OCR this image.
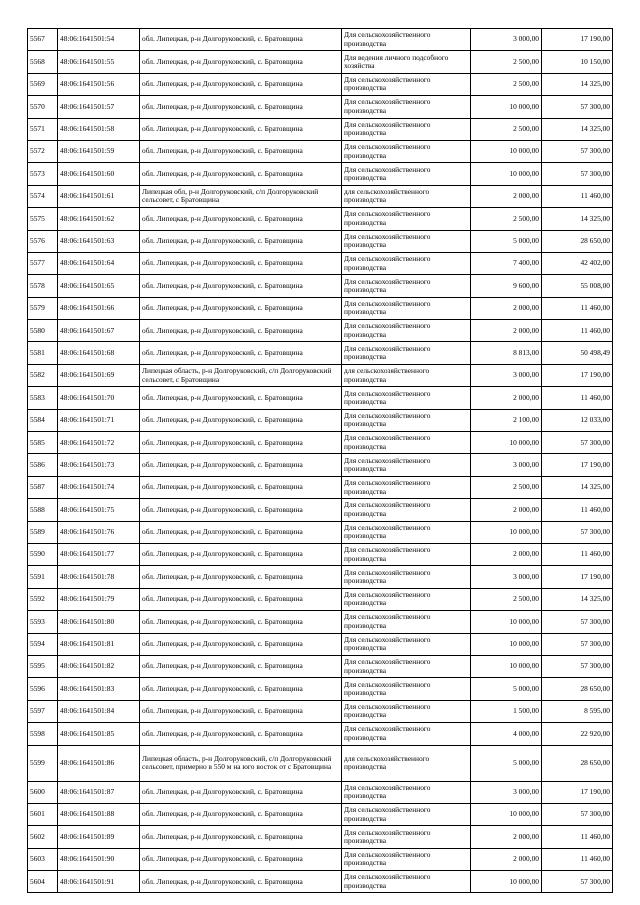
5567	48:06:1641501:54	обл. Липецкая, р-н Долгоруковский, с. Братовщина	Для сельскохозяйственного производства	3 000,00	17 190,00
5568	48:06:1641501:55	обл. Липецкая, р-н Долгоруковский, с. Братовщина	Для ведения личного подсобного хозяйства	2 500,00	10 150,00
5569	48:06:1641501:56	обл. Липецкая, р-н Долгоруковский, с. Братовщина	Для сельскохозяйственного производства	2 500,00	14 325,00
5570	48:06:1641501:57	обл. Липецкая, р-н Долгоруковский, с. Братовщина	Для сельскохозяйственного производства	10 000,00	57 300,00
5571	48:06:1641501:58	обл. Липецкая, р-н Долгоруковский, с. Братовщина	Для сельскохозяйственного производства	2 500,00	14 325,00
5572	48:06:1641501:59	обл. Липецкая, р-н Долгоруковский, с. Братовщина	Для сельскохозяйственного производства	10 000,00	57 300,00
5573	48:06:1641501:60	обл. Липецкая, р-н Долгоруковский, с. Братовщина	Для сельскохозяйственного производства	10 000,00	57 300,00
5574	48:06:1641501:61	Липецкая обл, р-н Долгоруковский, с/п Долгоруковский сельсовет, с Братовщина	для сельскохозяйственного производства	2 000,00	11 460,00
5575	48:06:1641501:62	обл. Липецкая, р-н Долгоруковский, с. Братовщина	Для сельскохозяйственного производства	2 500,00	14 325,00
5576	48:06:1641501:63	обл. Липецкая, р-н Долгоруковский, с. Братовщина	Для сельскохозяйственного производства	5 000,00	28 650,00
5577	48:06:1641501:64	обл. Липецкая, р-н Долгоруковский, с. Братовщина	Для сельскохозяйственного производства	7 400,00	42 402,00
5578	48:06:1641501:65	обл. Липецкая, р-н Долгоруковский, с. Братовщина	Для сельскохозяйственного производства	9 600,00	55 008,00
5579	48:06:1641501:66	обл. Липецкая, р-н Долгоруковский, с. Братовщина	Для сельскохозяйственного производства	2 000,00	11 460,00
5580	48:06:1641501:67	обл. Липецкая, р-н Долгоруковский, с. Братовщина	Для сельскохозяйственного производства	2 000,00	11 460,00
5581	48:06:1641501:68	обл. Липецкая, р-н Долгоруковский, с. Братовщина	Для сельскохозяйственного производства	8 813,00	50 498,49
5582	48:06:1641501:69	Липецкая область, р-н Долгоруковский, с/п Долгоруковский сельсовет, с Братовщина	для сельскохозяйственного производства	3 000,00	17 190,00
5583	48:06:1641501:70	обл. Липецкая, р-н Долгоруковский, с. Братовщина	Для сельскохозяйственного производства	2 000,00	11 460,00
5584	48:06:1641501:71	обл. Липецкая, р-н Долгоруковский, с. Братовщина	Для сельскохозяйственного производства	2 100,00	12 033,00
5585	48:06:1641501:72	обл. Липецкая, р-н Долгоруковский, с. Братовщина	Для сельскохозяйственного производства	10 000,00	57 300,00
5586	48:06:1641501:73	обл. Липецкая, р-н Долгоруковский, с. Братовщина	Для сельскохозяйственного производства	3 000,00	17 190,00
5587	48:06:1641501:74	обл. Липецкая, р-н Долгоруковский, с. Братовщина	Для сельскохозяйственного производства	2 500,00	14 325,00
5588	48:06:1641501:75	обл. Липецкая, р-н Долгоруковский, с. Братовщина	Для сельскохозяйственного производства	2 000,00	11 460,00
5589	48:06:1641501:76	обл. Липецкая, р-н Долгоруковский, с. Братовщина	Для сельскохозяйственного производства	10 000,00	57 300,00
5590	48:06:1641501:77	обл. Липецкая, р-н Долгоруковский, с. Братовщина	Для сельскохозяйственного производства	2 000,00	11 460,00
5591	48:06:1641501:78	обл. Липецкая, р-н Долгоруковский, с. Братовщина	Для сельскохозяйственного производства	3 000,00	17 190,00
5592	48:06:1641501:79	обл. Липецкая, р-н Долгоруковский, с. Братовщина	Для сельскохозяйственного производства	2 500,00	14 325,00
5593	48:06:1641501:80	обл. Липецкая, р-н Долгоруковский, с. Братовщина	Для сельскохозяйственного производства	10 000,00	57 300,00
5594	48:06:1641501:81	обл. Липецкая, р-н Долгоруковский, с. Братовщина	Для сельскохозяйственного производства	10 000,00	57 300,00
5595	48:06:1641501:82	обл. Липецкая, р-н Долгоруковский, с. Братовщина	Для сельскохозяйственного производства	10 000,00	57 300,00
5596	48:06:1641501:83	обл. Липецкая, р-н Долгоруковский, с. Братовщина	Для сельскохозяйственного производства	5 000,00	28 650,00
5597	48:06:1641501:84	обл. Липецкая, р-н Долгоруковский, с. Братовщина	Для сельскохозяйственного производства	1 500,00	8 595,00
5598	48:06:1641501:85	обл. Липецкая, р-н Долгоруковский, с. Братовщина	Для сельскохозяйственного производства	4 000,00	22 920,00
5599	48:06:1641501:86	Липецкая область, р-н Долгоруковский, с/п Долгоруковский сельсовет, примерно в 550 м на юго восток от с Братовщина	для сельскохозяйственного производства	5 000,00	28 650,00
5600	48:06:1641501:87	обл. Липецкая, р-н Долгоруковский, с. Братовщина	Для сельскохозяйственного производства	3 000,00	17 190,00
5601	48:06:1641501:88	обл. Липецкая, р-н Долгоруковский, с. Братовщина	Для сельскохозяйственного производства	10 000,00	57 300,00
5602	48:06:1641501:89	обл. Липецкая, р-н Долгоруковский, с. Братовщина	Для сельскохозяйственного производства	2 000,00	11 460,00
5603	48:06:1641501:90	обл. Липецкая, р-н Долгоруковский, с. Братовщина	Для сельскохозяйственного производства	2 000,00	11 460,00
5604	48:06:1641501:91	обл. Липецкая, р-н Долгоруковский, с. Братовщина	Для сельскохозяйственного производства	10 000,00	57 300,00
